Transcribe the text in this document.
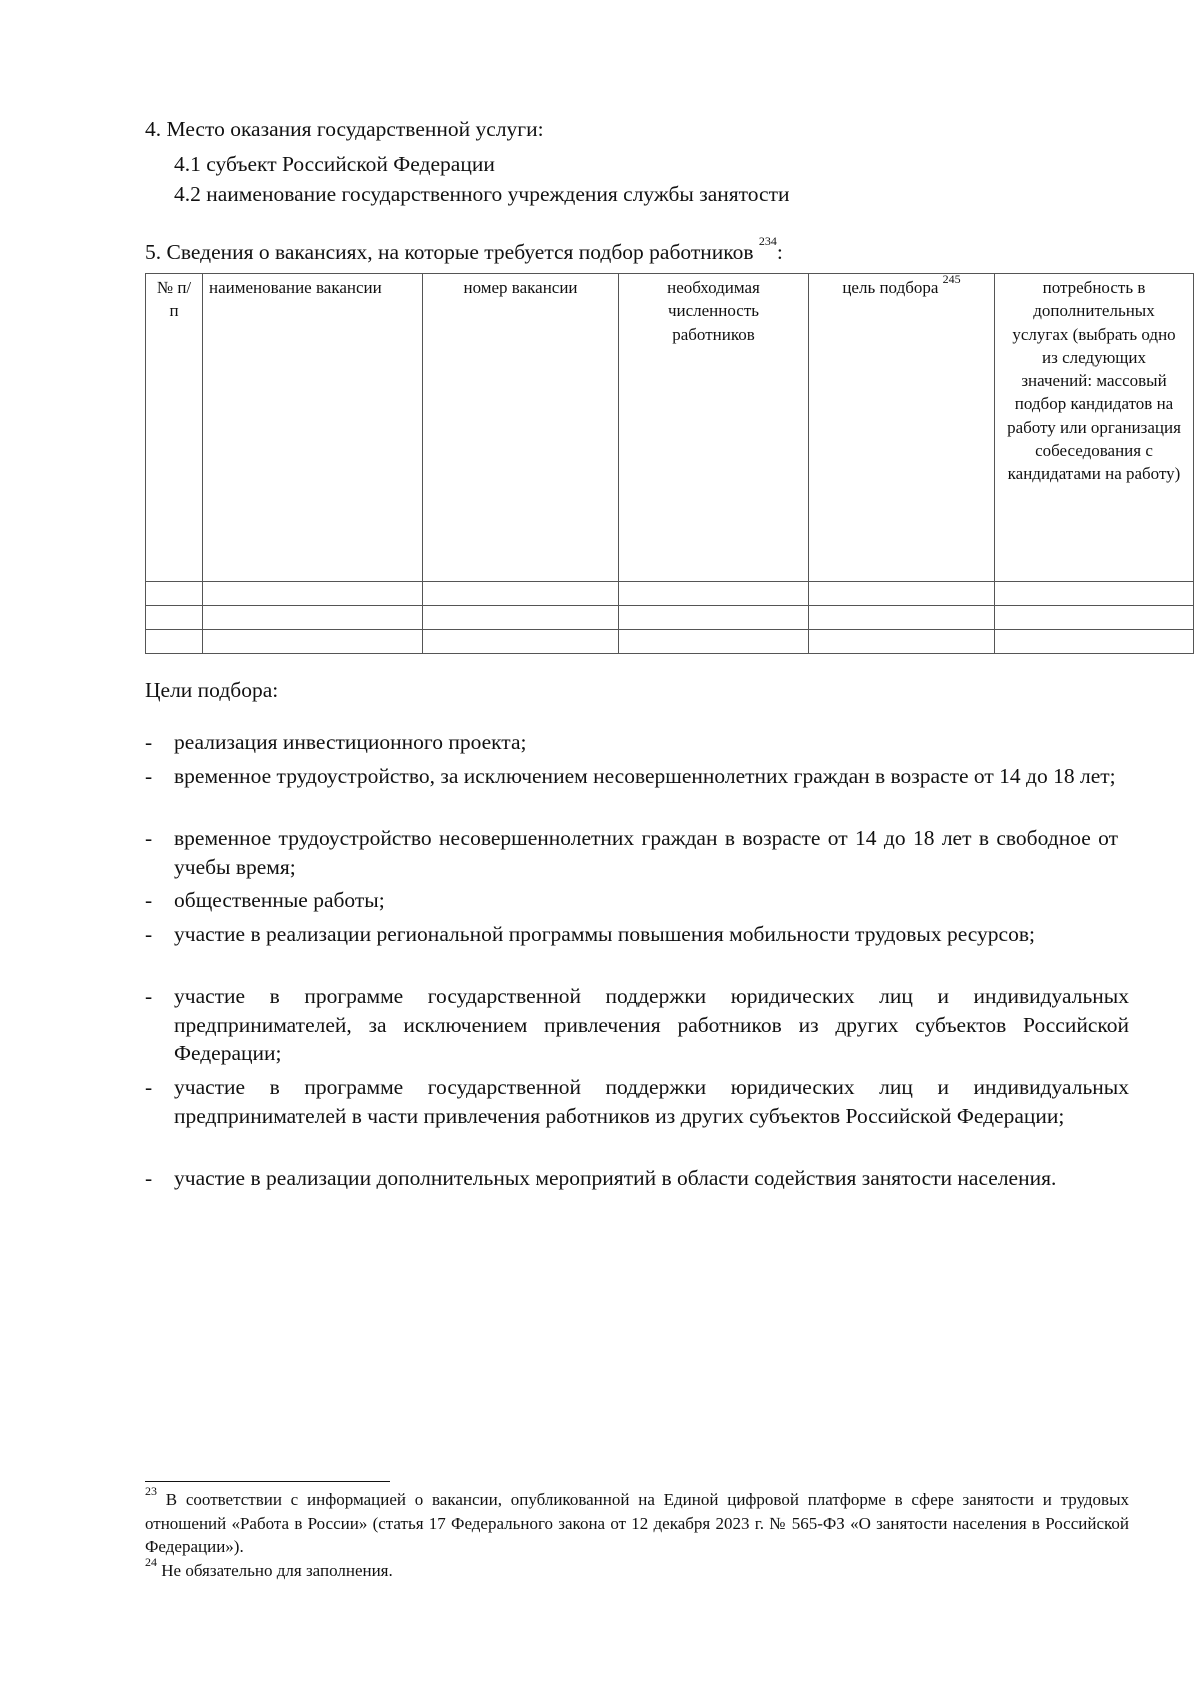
4. Место оказания государственной услуги:
4.1 субъект Российской Федерации
4.2 наименование государственного учреждения службы занятости
5. Сведения о вакансиях, на которые требуется подбор работников $^{234}$:
№ п/п	наименование вакансии	номер вакансии	необходимая численность работников	цель подбора $^{245}$	потребность в дополнительных услугах (выбрать одно из следующих значений: массовый подбор кандидатов на работу или организация собеседования с кандидатами на работу)

Цели подбора:
-	реализация инвестиционного проекта;
-	временное трудоустройство, за исключением несовершеннолетних граждан в возрасте от 14 до 18 лет;
-	временное трудоустройство несовершеннолетних граждан в возрасте от 14 до 18 лет в свободное от учебы время;
-	общественные работы;
-	участие в реализации региональной программы повышения мобильности трудовых ресурсов;
-	участие в программе государственной поддержки юридических лиц и индивидуальных предпринимателей, за исключением привлечения работников из других субъектов Российской Федерации;
-	участие в программе государственной поддержки юридических лиц и индивидуальных предпринимателей в части привлечения работников из других субъектов Российской Федерации;
-	участие в реализации дополнительных мероприятий в области содействия занятости населения.
$^{23}$ В соответствии с информацией о вакансии, опубликованной на Единой цифровой платформе в сфере занятости и трудовых отношений «Работа в России» (статья 17 Федерального закона от 12 декабря 2023 г. № 565-ФЗ «О занятости населения в Российской Федерации»).
$^{24}$ Не обязательно для заполнения.
